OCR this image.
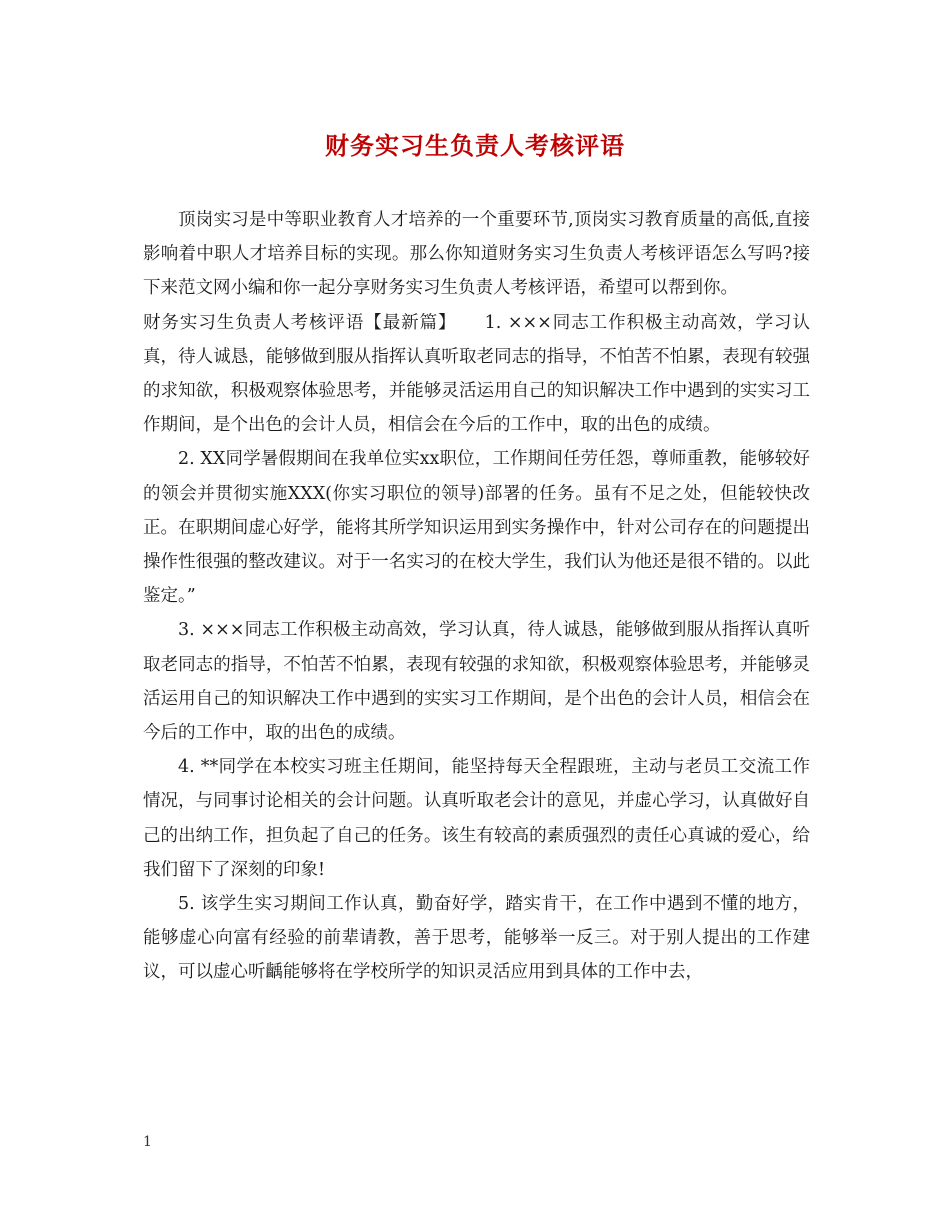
财务实习生负责人考核评语

顶岗实习是中等职业教育人才培养的一个重要环节,顶岗实习教育质量的高低,直接影响着中职人才培养目标的实现。那么你知道财务实习生负责人考核评语怎么写吗?接下来范文网小编和你一起分享财务实习生负责人考核评语，希望可以帮到你。

财务实习生负责人考核评语【最新篇】　　1. ×××同志工作积极主动高效，学习认真，待人诚恳，能够做到服从指挥认真听取老同志的指导，不怕苦不怕累，表现有较强的求知欲，积极观察体验思考，并能够灵活运用自己的知识解决工作中遇到的实实习工作期间，是个出色的会计人员，相信会在今后的工作中，取的出色的成绩。

2. XX同学暑假期间在我单位实xx职位，工作期间任劳任怨，尊师重教，能够较好的领会并贯彻实施XXX(你实习职位的领导)部署的任务。虽有不足之处，但能较快改正。在职期间虚心好学，能将其所学知识运用到实务操作中，针对公司存在的问题提出操作性很强的整改建议。对于一名实习的在校大学生，我们认为他还是很不错的。以此鉴定。”

3. ×××同志工作积极主动高效，学习认真，待人诚恳，能够做到服从指挥认真听取老同志的指导，不怕苦不怕累，表现有较强的求知欲，积极观察体验思考，并能够灵活运用自己的知识解决工作中遇到的实实习工作期间，是个出色的会计人员，相信会在今后的工作中，取的出色的成绩。

4. **同学在本校实习班主任期间，能坚持每天全程跟班，主动与老员工交流工作情况，与同事讨论相关的会计问题。认真听取老会计的意见，并虚心学习，认真做好自己的出纳工作，担负起了自己的任务。该生有较高的素质强烈的责任心真诚的爱心，给我们留下了深刻的印象!

5. 该学生实习期间工作认真，勤奋好学，踏实肯干，在工作中遇到不懂的地方，能够虚心向富有经验的前辈请教，善于思考，能够举一反三。对于别人提出的工作建议，可以虚心听齲能够将在学校所学的知识灵活应用到具体的工作中去，

1
